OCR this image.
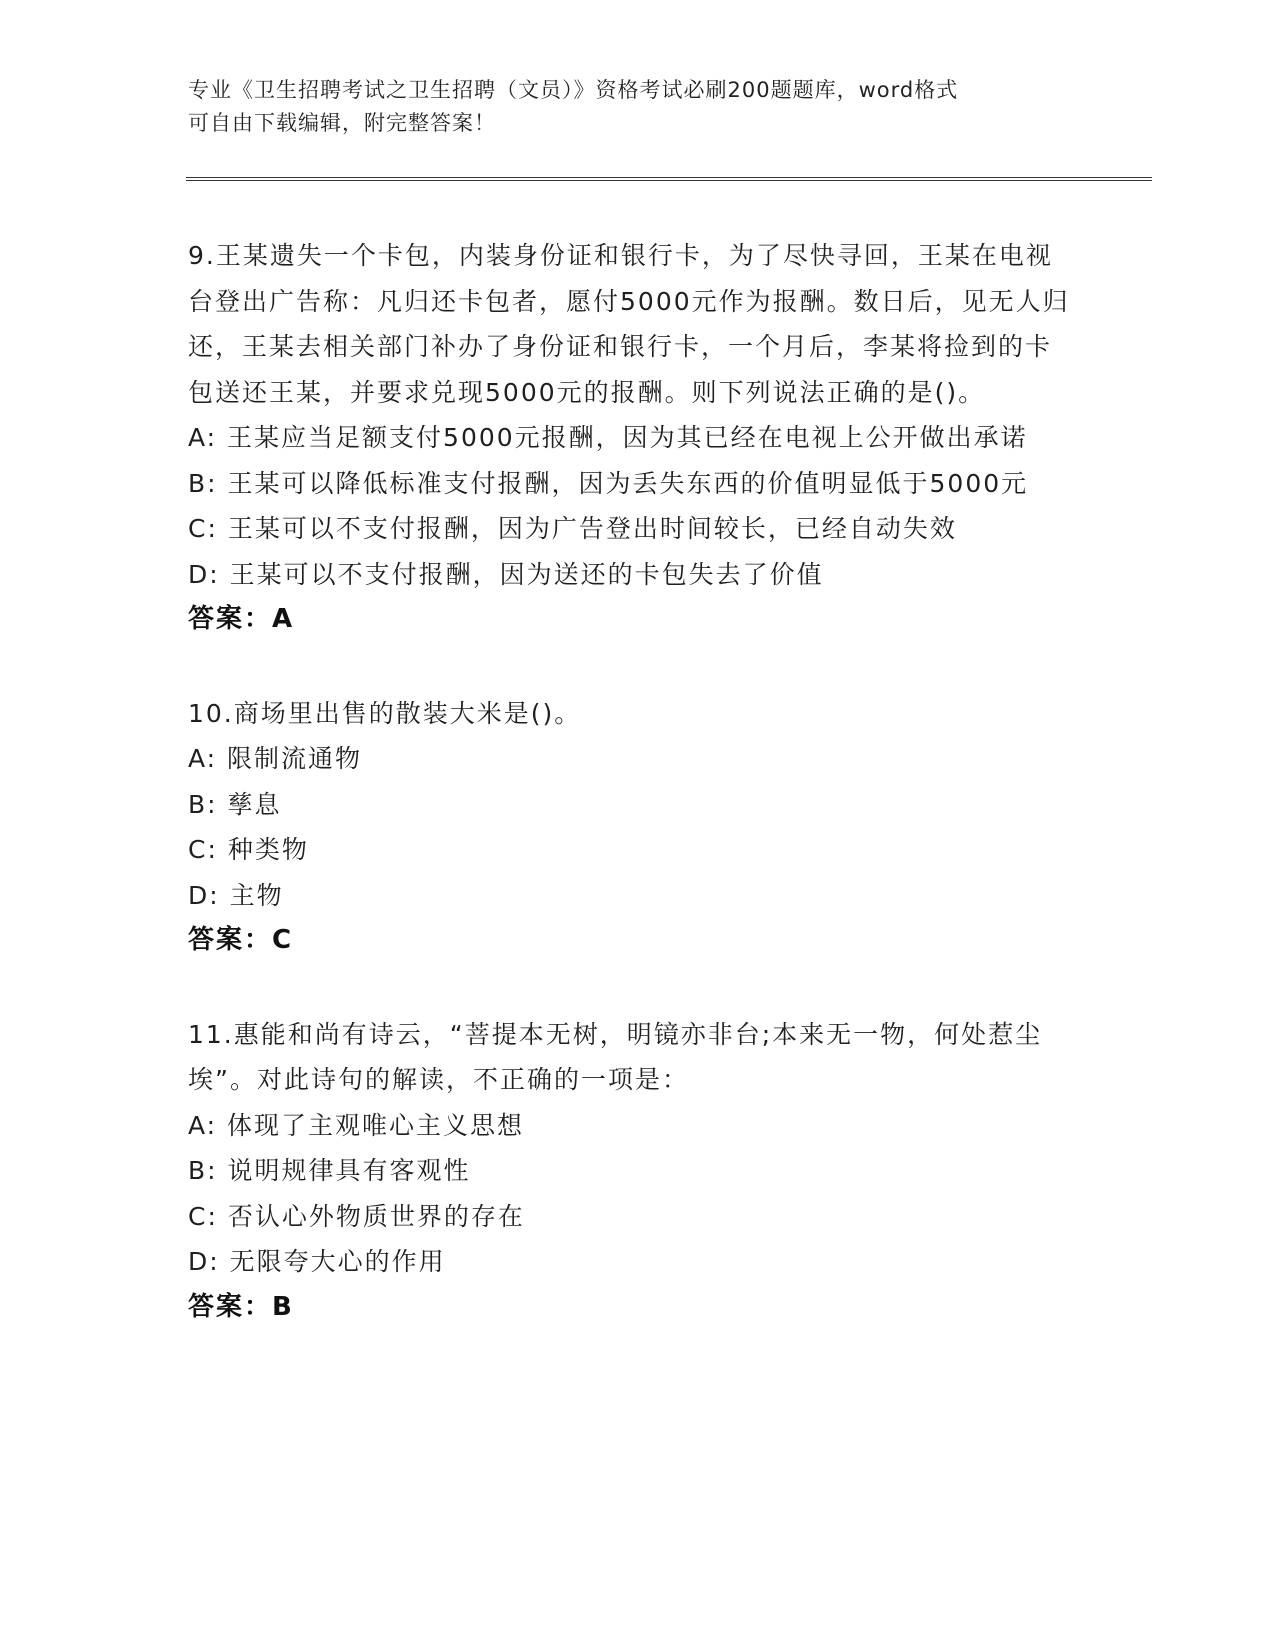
专业《卫生招聘考试之卫生招聘（文员）》资格考试必刷200题题库，word格式
可自由下载编辑，附完整答案！
9.王某遗失一个卡包，内装身份证和银行卡，为了尽快寻回，王某在电视台登出广告称：凡归还卡包者，愿付5000元作为报酬。数日后，见无人归还，王某去相关部门补办了身份证和银行卡，一个月后，李某将捡到的卡包送还王某，并要求兑现5000元的报酬。则下列说法正确的是()。
A: 王某应当足额支付5000元报酬，因为其已经在电视上公开做出承诺
B: 王某可以降低标准支付报酬，因为丢失东西的价值明显低于5000元
C: 王某可以不支付报酬，因为广告登出时间较长，已经自动失效
D: 王某可以不支付报酬，因为送还的卡包失去了价值
答案：A
10.商场里出售的散装大米是()。
A: 限制流通物
B: 孳息
C: 种类物
D: 主物
答案：C
11.惠能和尚有诗云，“菩提本无树，明镜亦非台;本来无一物，何处惹尘埃”。对此诗句的解读，不正确的一项是：
A: 体现了主观唯心主义思想
B: 说明规律具有客观性
C: 否认心外物质世界的存在
D: 无限夸大心的作用
答案：B
